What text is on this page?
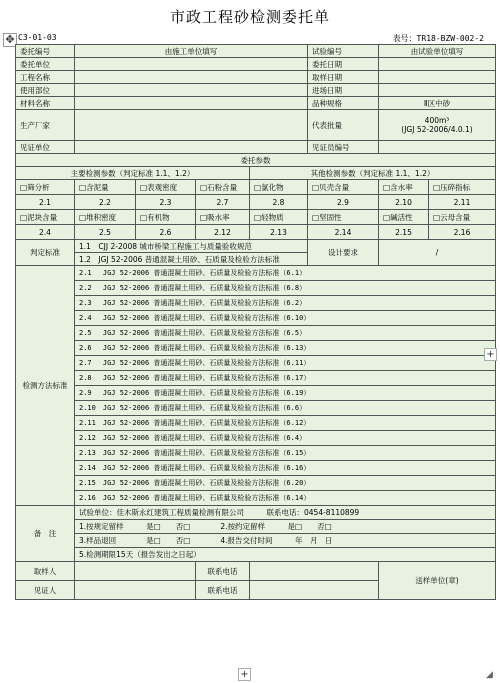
市政工程砂检测委托单
✥ C3-01-03	表号：TR18-BZW-002-2
委托编号	由施工单位填写				试验编号	由试验单位填写	
委托单位					委托日期		
工程名称					取样日期		
使用部位					进场日期		
材料名称					品种规格	Ⅱ区中砂	
生产厂家					代表批量	400m³
(JGJ 52-2006/4.0.1)	

见证单位					见证员编号		
委托参数							
主要检测参数（判定标准 1.1、1.2）				其他检测参数（判定标准 1.1、1.2）			
□筛分析	□含泥量	□表观密度	□石粉含量	□氯化物	□贝壳含量	□含水率	□压碎指标
2.1	2.2	2.3	2.7	2.8	2.9	2.10	2.11
□泥块含量	□堆积密度	□有机物	□吸水率	□轻物质	□坚固性	□碱活性	□云母含量
2.4	2.5	2.6	2.12	2.13	2.14	2.15	2.16
判定标准	1.1　CJJ 2-2008 城市桥梁工程施工与质量验收规范				设计要求	/	
	1.2　JGJ 52-2006 普通混凝土用砂、石质量及检验方法标准						
检测方法标准	2.1　 JGJ 52-2006 普通混凝土用砂、石质量及检验方法标准（6.1）						
	2.2　 JGJ 52-2006 普通混凝土用砂、石质量及检验方法标准（6.8）						
	2.3　 JGJ 52-2006 普通混凝土用砂、石质量及检验方法标准（6.2）						
	2.4　 JGJ 52-2006 普通混凝土用砂、石质量及检验方法标准（6.10）						
	2.5　 JGJ 52-2006 普通混凝土用砂、石质量及检验方法标准（6.5）						
	2.6　 JGJ 52-2006 普通混凝土用砂、石质量及检验方法标准（6.13）						
	2.7　 JGJ 52-2006 普通混凝土用砂、石质量及检验方法标准（6.11）						
	2.8　 JGJ 52-2006 普通混凝土用砂、石质量及检验方法标准（6.17）						
	2.9　 JGJ 52-2006 普通混凝土用砂、石质量及检验方法标准（6.19）						
	2.10　JGJ 52-2006 普通混凝土用砂、石质量及检验方法标准（6.6）						
	2.11　JGJ 52-2006 普通混凝土用砂、石质量及检验方法标准（6.12）						
	2.12　JGJ 52-2006 普通混凝土用砂、石质量及检验方法标准（6.4）						
	2.13　JGJ 52-2006 普通混凝土用砂、石质量及检验方法标准（6.15）						
	2.14　JGJ 52-2006 普通混凝土用砂、石质量及检验方法标准（6.16）						
	2.15　JGJ 52-2006 普通混凝土用砂、石质量及检验方法标准（6.20）						
	2.16　JGJ 52-2006 普通混凝土用砂、石质量及检验方法标准（6.14）						
备　注	试验单位：佳木斯永红建筑工程质量检测有限公司　　　联系电话：0454-8110899						
	1.按规定留样　　　是□　　否□　　　　2.按约定留样　　　是□　　否□						
	3.样品退回　　　　是□　　否□　　　　4.报告交付时间　　　年　月　日						
	5.检测期限15天（报告发出之日起）						
取样人			联系电话			送样单位(章)	
见证人			联系电话				
+
+	◢
